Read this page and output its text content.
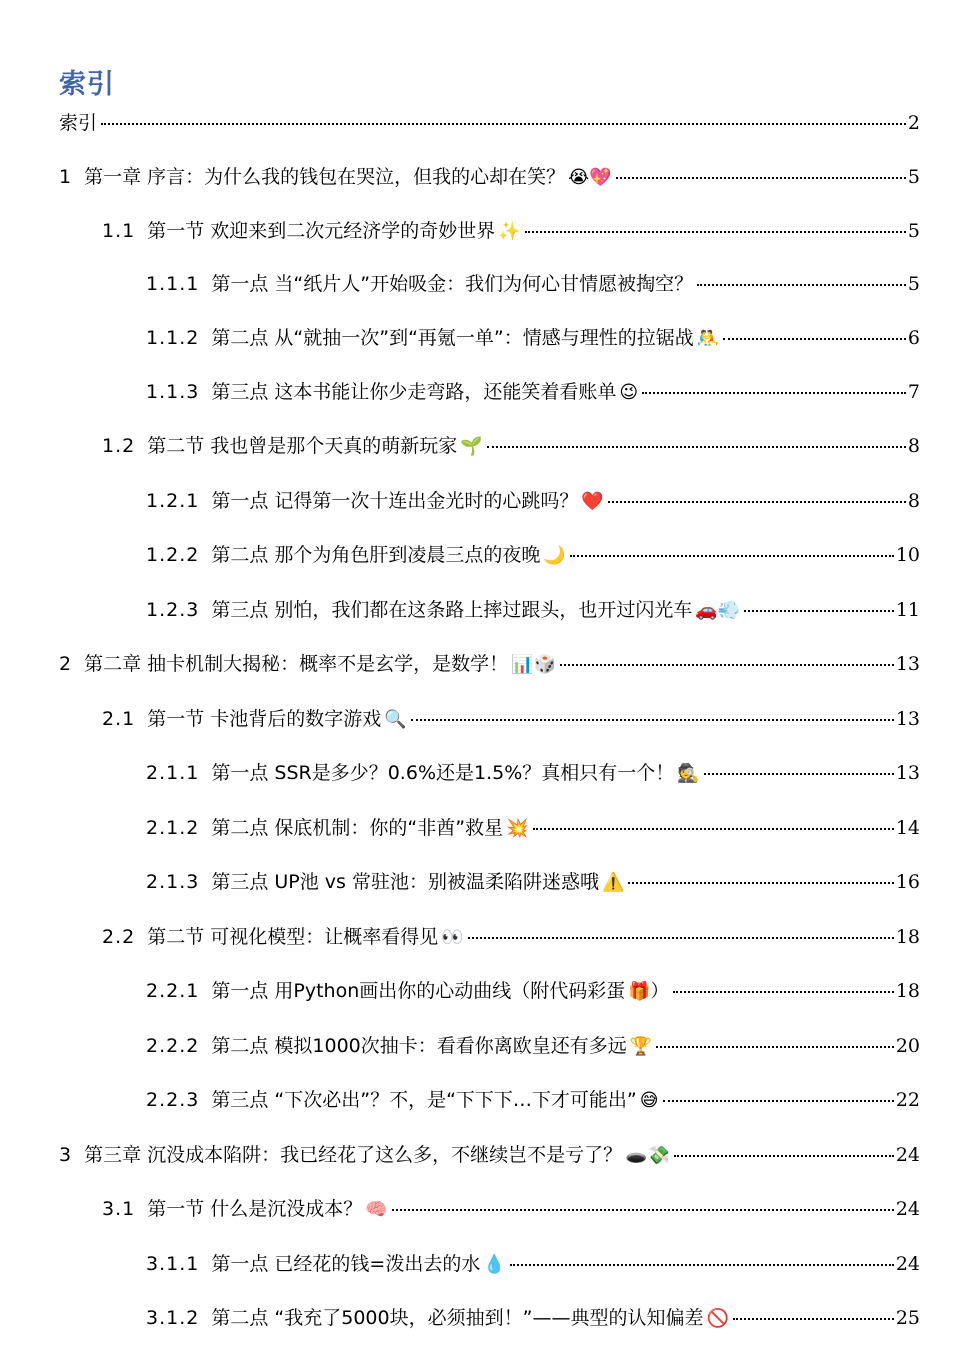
索引
索引	2
1 第一章 序言：为什么我的钱包在哭泣，但我的心却在笑？ 😭💖	5
1.1 第一节 欢迎来到二次元经济学的奇妙世界 ✨	5
1.1.1 第一点 当“纸片人”开始吸金：我们为何心甘情愿被掏空？	5
1.1.2 第二点 从“就抽一次”到“再氪一单”：情感与理性的拉锯战 🤼	6
1.1.3 第三点 这本书能让你少走弯路，还能笑着看账单 😉	7
1.2 第二节 我也曾是那个天真的萌新玩家 🌱	8
1.2.1 第一点 记得第一次十连出金光时的心跳吗？ ❤️	8
1.2.2 第二点 那个为角色肝到凌晨三点的夜晚 🌙	10
1.2.3 第三点 别怕，我们都在这条路上摔过跟头，也开过闪光车 🚗💨	11
2 第二章 抽卡机制大揭秘：概率不是玄学，是数学！ 📊🎲	13
2.1 第一节 卡池背后的数字游戏 🔍	13
2.1.1 第一点 SSR是多少？0.6%还是1.5%？真相只有一个！ 🕵️	13
2.1.2 第二点 保底机制：你的“非酋”救星 💥	14
2.1.3 第三点 UP池 vs 常驻池：别被温柔陷阱迷惑哦 ⚠️	16
2.2 第二节 可视化模型：让概率看得见 👀	18
2.2.1 第一点 用Python画出你的心动曲线（附代码彩蛋 🎁）	18
2.2.2 第二点 模拟1000次抽卡：看看你离欧皇还有多远 🏆	20
2.2.3 第三点 “下次必出”？不，是“下下下…下才可能出” 😅	22
3 第三章 沉没成本陷阱：我已经花了这么多，不继续岂不是亏了？ 🕳️💸	24
3.1 第一节 什么是沉没成本？ 🧠	24
3.1.1 第一点 已经花的钱=泼出去的水 💧	24
3.1.2 第二点 “我充了5000块，必须抽到！”——典型的认知偏差 🚫	25
